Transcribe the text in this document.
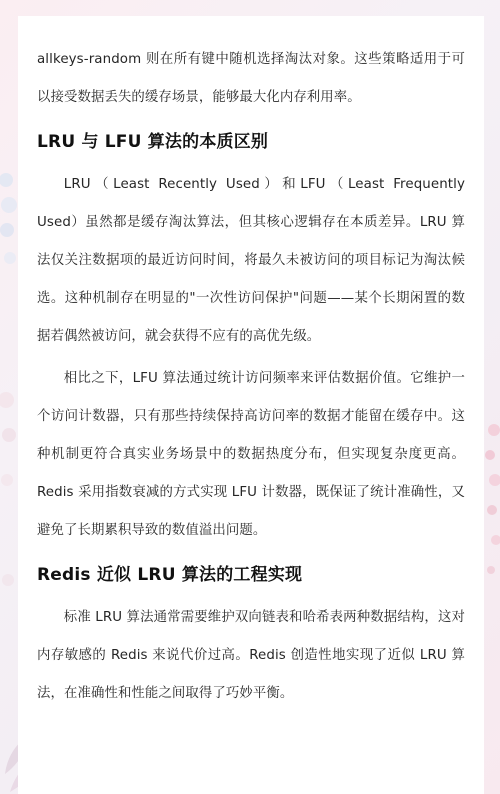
allkeys-random 则在所有键中随机选择淘汰对象。这些策略适用于可以接受数据丢失的缓存场景，能够最大化内存利用率。

LRU 与 LFU 算法的本质区别

LRU（Least Recently Used）和LFU（Least Frequently Used）虽然都是缓存淘汰算法，但其核心逻辑存在本质差异。LRU 算法仅关注数据项的最近访问时间，将最久未被访问的项目标记为淘汰候选。这种机制存在明显的"一次性访问保护"问题——某个长期闲置的数据若偶然被访问，就会获得不应有的高优先级。

相比之下，LFU 算法通过统计访问频率来评估数据价值。它维护一个访问计数器，只有那些持续保持高访问率的数据才能留在缓存中。这种机制更符合真实业务场景中的数据热度分布，但实现复杂度更高。Redis 采用指数衰减的方式实现 LFU 计数器，既保证了统计准确性，又避免了长期累积导致的数值溢出问题。

Redis 近似 LRU 算法的工程实现

标准 LRU 算法通常需要维护双向链表和哈希表两种数据结构，这对内存敏感的 Redis 来说代价过高。Redis 创造性地实现了近似 LRU 算法，在准确性和性能之间取得了巧妙平衡。
